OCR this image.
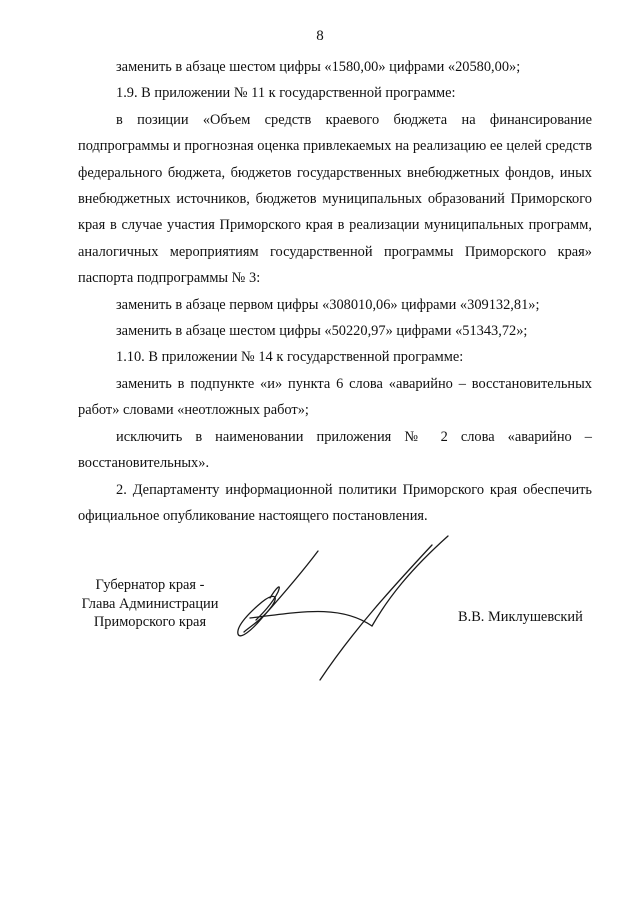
8

заменить в абзаце шестом цифры «1580,00» цифрами «20580,00»;

1.9. В приложении № 11 к государственной программе:

в позиции «Объем средств краевого бюджета на финансирование подпрограммы и прогнозная оценка привлекаемых на реализацию ее целей средств федерального бюджета, бюджетов государственных внебюджетных фондов, иных внебюджетных источников, бюджетов муниципальных образований Приморского края в случае участия Приморского края в реализации муниципальных программ, аналогичных мероприятиям государственной программы Приморского края» паспорта подпрограммы № 3:

заменить в абзаце первом цифры «308010,06» цифрами «309132,81»;

заменить в абзаце шестом цифры «50220,97» цифрами «51343,72»;

1.10. В приложении № 14 к государственной программе:

заменить в подпункте «и» пункта 6 слова «аварийно – восстановительных работ» словами «неотложных работ»;

исключить в наименовании приложения № 2 слова «аварийно – восстановительных».

2. Департаменту информационной политики Приморского края обеспечить официальное опубликование настоящего постановления.

Губернатор края -
Глава Администрации
Приморского края	В.В. Миклушевский
